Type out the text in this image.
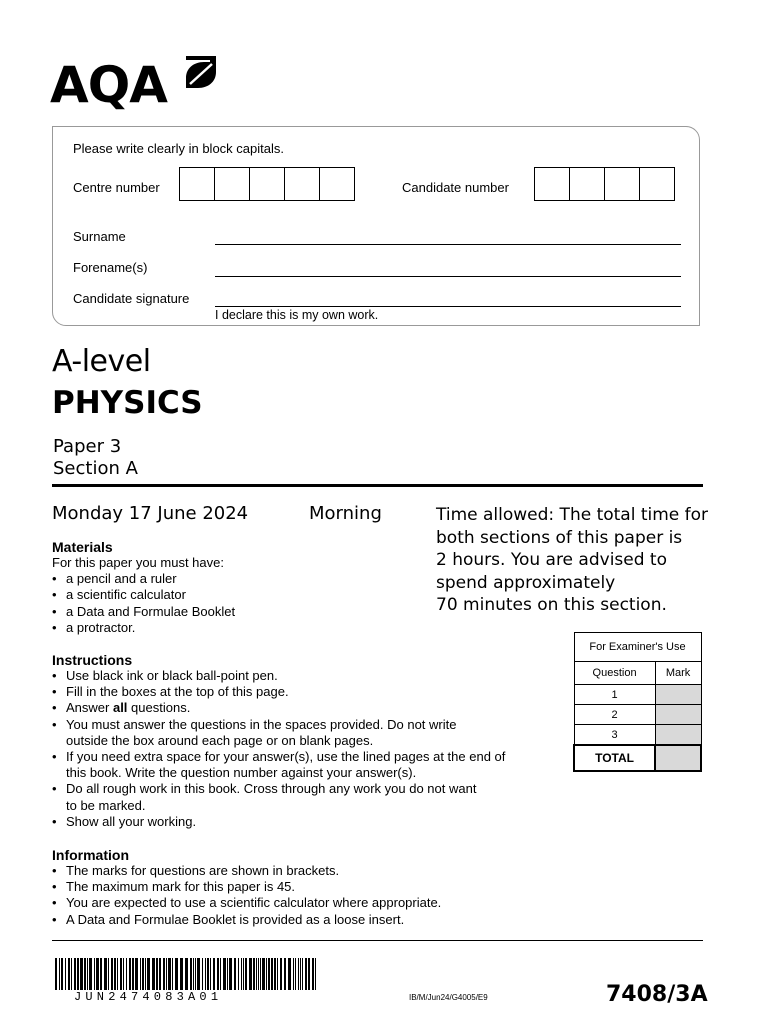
AQA
Please write clearly in block capitals.
Centre number	Candidate number
Surname
Forename(s)
Candidate signature
I declare this is my own work.
A-level
PHYSICS
Paper 3
Section A
Monday 17 June 2024	Morning	Time allowed: The total time for
both sections of this paper is
2 hours. You are advised to
spend approximately
70 minutes on this section.
Materials
For this paper you must have:
• a pencil and a ruler
• a scientific calculator
• a Data and Formulae Booklet
• a protractor.
Instructions
• Use black ink or black ball-point pen.
• Fill in the boxes at the top of this page.
• Answer all questions.
• You must answer the questions in the spaces provided. Do not write
outside the box around each page or on blank pages.
• If you need extra space for your answer(s), use the lined pages at the end of
this book. Write the question number against your answer(s).
• Do all rough work in this book. Cross through any work you do not want
to be marked.
• Show all your working.
Information
• The marks for questions are shown in brackets.
• The maximum mark for this paper is 45.
• You are expected to use a scientific calculator where appropriate.
• A Data and Formulae Booklet is provided as a loose insert.
For Examiner's Use	
Question	Mark
1	
2	
3	
TOTAL	
JUN2474083A01	IB/M/Jun24/G4005/E9	7408/3A
